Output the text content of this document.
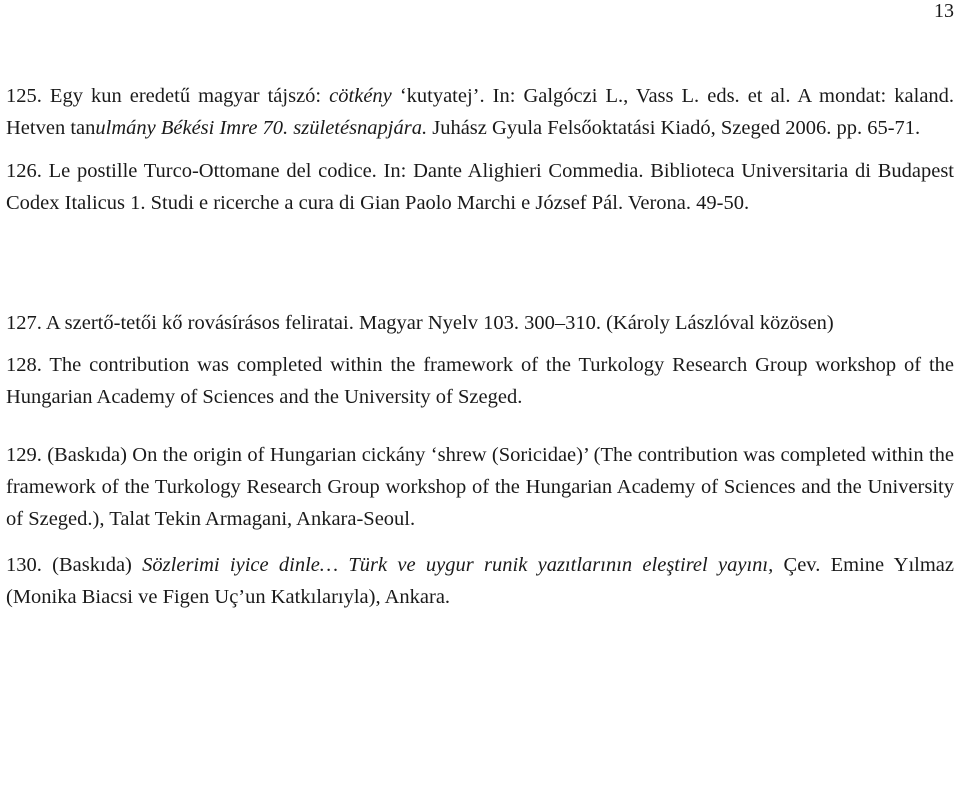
13

125. Egy kun eredetű magyar tájszó: cötkény ‘kutyatej’. In: Galgóczi L., Vass L. eds. et al. A mondat: kaland. Hetven tanulmány Békési Imre 70. születésnapjára. Juhász Gyula Felsőoktatási Kiadó, Szeged 2006. pp. 65-71.

126. Le postille Turco-Ottomane del codice. In: Dante Alighieri Commedia. Biblioteca Universitaria di Budapest Codex Italicus 1. Studi e ricerche a cura di Gian Paolo Marchi e József Pál. Verona. 49-50.

127. A szertő-tetői kő rovásírásos feliratai. Magyar Nyelv 103. 300–310. (Károly Lászlóval közösen)

128. The contribution was completed within the framework of the Turkology Research Group workshop of the Hungarian Academy of Sciences and the University of Szeged.

129. (Baskıda) On the origin of Hungarian cickány ‘shrew (Soricidae)’ (The contribution was completed within the framework of the Turkology Research Group workshop of the Hungarian Academy of Sciences and the University of Szeged.), Talat Tekin Armagani, Ankara-Seoul.

130. (Baskıda) Sözlerimi iyice dinle… Türk ve uygur runik yazıtlarının eleştirel yayını, Çev. Emine Yılmaz (Monika Biacsi ve Figen Uç’un Katkılarıyla), Ankara.
